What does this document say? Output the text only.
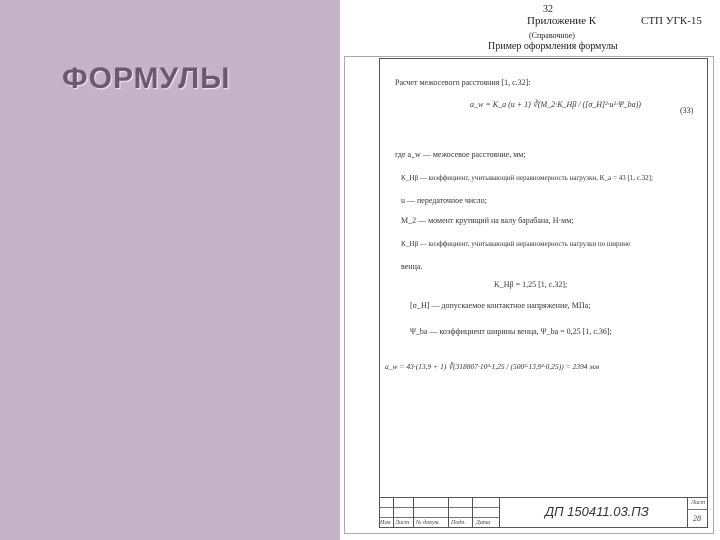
ФОРМУЛЫ
32
Приложение К
(Справочное)
СТП УГК-15
Пример оформления формулы
Расчет межосевого расстояния [1, с.32]:
a_w = K_a (u + 1) ∛(M_2·K_Hβ / ([σ_H]²·u²·Ψ_ba))
(33)
где a_w — межосевое расстояние, мм;
K_Hβ — коэффициент, учитывающий неравномерность нагрузки, K_a = 43 [1, с.32];
u — передаточное число;
M_2 — момент крутящий на валу барабана, Н·мм;
K_Hβ — коэффициент, учитывающий неравномерность нагрузки по ширине
венца.
K_Hβ = 1,25 [1, с.32];
[σ_H] — допускаемое контактное напряжение, МПа;
Ψ_ba — коэффициент ширины венца, Ψ_ba = 0,25 [1, с.36];
a_w = 43·(13,9 + 1) ∛(318807·10³·1,25 / (500²·13,9²·0,25)) = 2394 мм
Изм Лист № докум. Подп. Дата
ДП 150411.03.ПЗ
Лист
28
